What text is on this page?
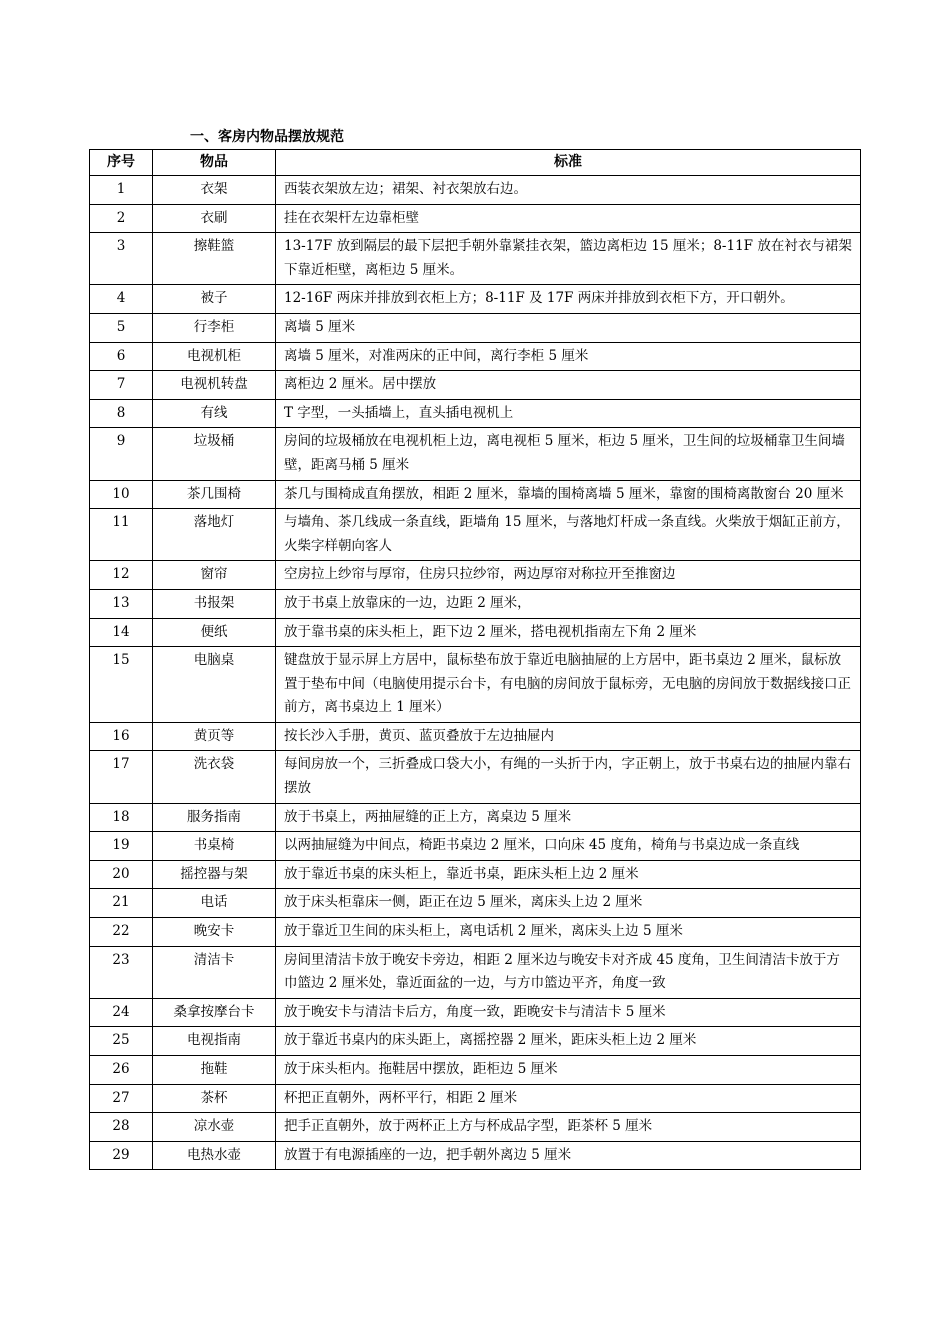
一、客房内物品摆放规范
序号	物品	标准
1	衣架	西装衣架放左边；裙架、衬衣架放右边。
2	衣刷	挂在衣架杆左边靠柜壁
3	擦鞋篮	13-17F 放到隔层的最下层把手朝外靠紧挂衣架，篮边离柜边 15 厘米；8-11F 放在衬衣与裙架下靠近柜壁，离柜边 5 厘米。
4	被子	12-16F 两床并排放到衣柜上方；8-11F 及 17F 两床并排放到衣柜下方，开口朝外。
5	行李柜	离墙 5 厘米
6	电视机柜	离墙 5 厘米，对准两床的正中间，离行李柜 5 厘米
7	电视机转盘	离柜边 2 厘米。居中摆放
8	有线	T 字型，一头插墙上，直头插电视机上
9	垃圾桶	房间的垃圾桶放在电视机柜上边，离电视柜 5 厘米，柜边 5 厘米，卫生间的垃圾桶靠卫生间墙壁，距离马桶 5 厘米
10	茶几围椅	茶几与围椅成直角摆放，相距 2 厘米，靠墙的围椅离墙 5 厘米，靠窗的围椅离散窗台 20 厘米
11	落地灯	与墙角、茶几线成一条直线，距墙角 15 厘米，与落地灯杆成一条直线。火柴放于烟缸正前方，火柴字样朝向客人
12	窗帘	空房拉上纱帘与厚帘，住房只拉纱帘，两边厚帘对称拉开至推窗边
13	书报架	放于书桌上放靠床的一边，边距 2 厘米，
14	便纸	放于靠书桌的床头柜上，距下边 2 厘米，搭电视机指南左下角 2 厘米
15	电脑桌	键盘放于显示屏上方居中，鼠标垫布放于靠近电脑抽屉的上方居中，距书桌边 2 厘米，鼠标放置于垫布中间（电脑使用提示台卡，有电脑的房间放于鼠标旁，无电脑的房间放于数据线接口正前方，离书桌边上 1 厘米）
16	黄页等	按长沙入手册，黄页、蓝页叠放于左边抽屉内
17	洗衣袋	每间房放一个，三折叠成口袋大小，有绳的一头折于内，字正朝上，放于书桌右边的抽屉内靠右摆放
18	服务指南	放于书桌上，两抽屉缝的正上方，离桌边 5 厘米
19	书桌椅	以两抽屉缝为中间点，椅距书桌边 2 厘米，口向床 45 度角，椅角与书桌边成一条直线
20	摇控器与架	放于靠近书桌的床头柜上，靠近书桌，距床头柜上边 2 厘米
21	电话	放于床头柜靠床一侧，距正在边 5 厘米，离床头上边 2 厘米
22	晚安卡	放于靠近卫生间的床头柜上，离电话机 2 厘米，离床头上边 5 厘米
23	清洁卡	房间里清洁卡放于晚安卡旁边，相距 2 厘米边与晚安卡对齐成 45 度角，卫生间清洁卡放于方巾篮边 2 厘米处，靠近面盆的一边，与方巾篮边平齐，角度一致
24	桑拿按摩台卡	放于晚安卡与清洁卡后方，角度一致，距晚安卡与清洁卡 5 厘米
25	电视指南	放于靠近书桌内的床头距上，离摇控器 2 厘米，距床头柜上边 2 厘米
26	拖鞋	放于床头柜内。拖鞋居中摆放，距柜边 5 厘米
27	茶杯	杯把正直朝外，两杯平行，相距 2 厘米
28	凉水壶	把手正直朝外，放于两杯正上方与杯成品字型，距茶杯 5 厘米
29	电热水壶	放置于有电源插座的一边，把手朝外离边 5 厘米
